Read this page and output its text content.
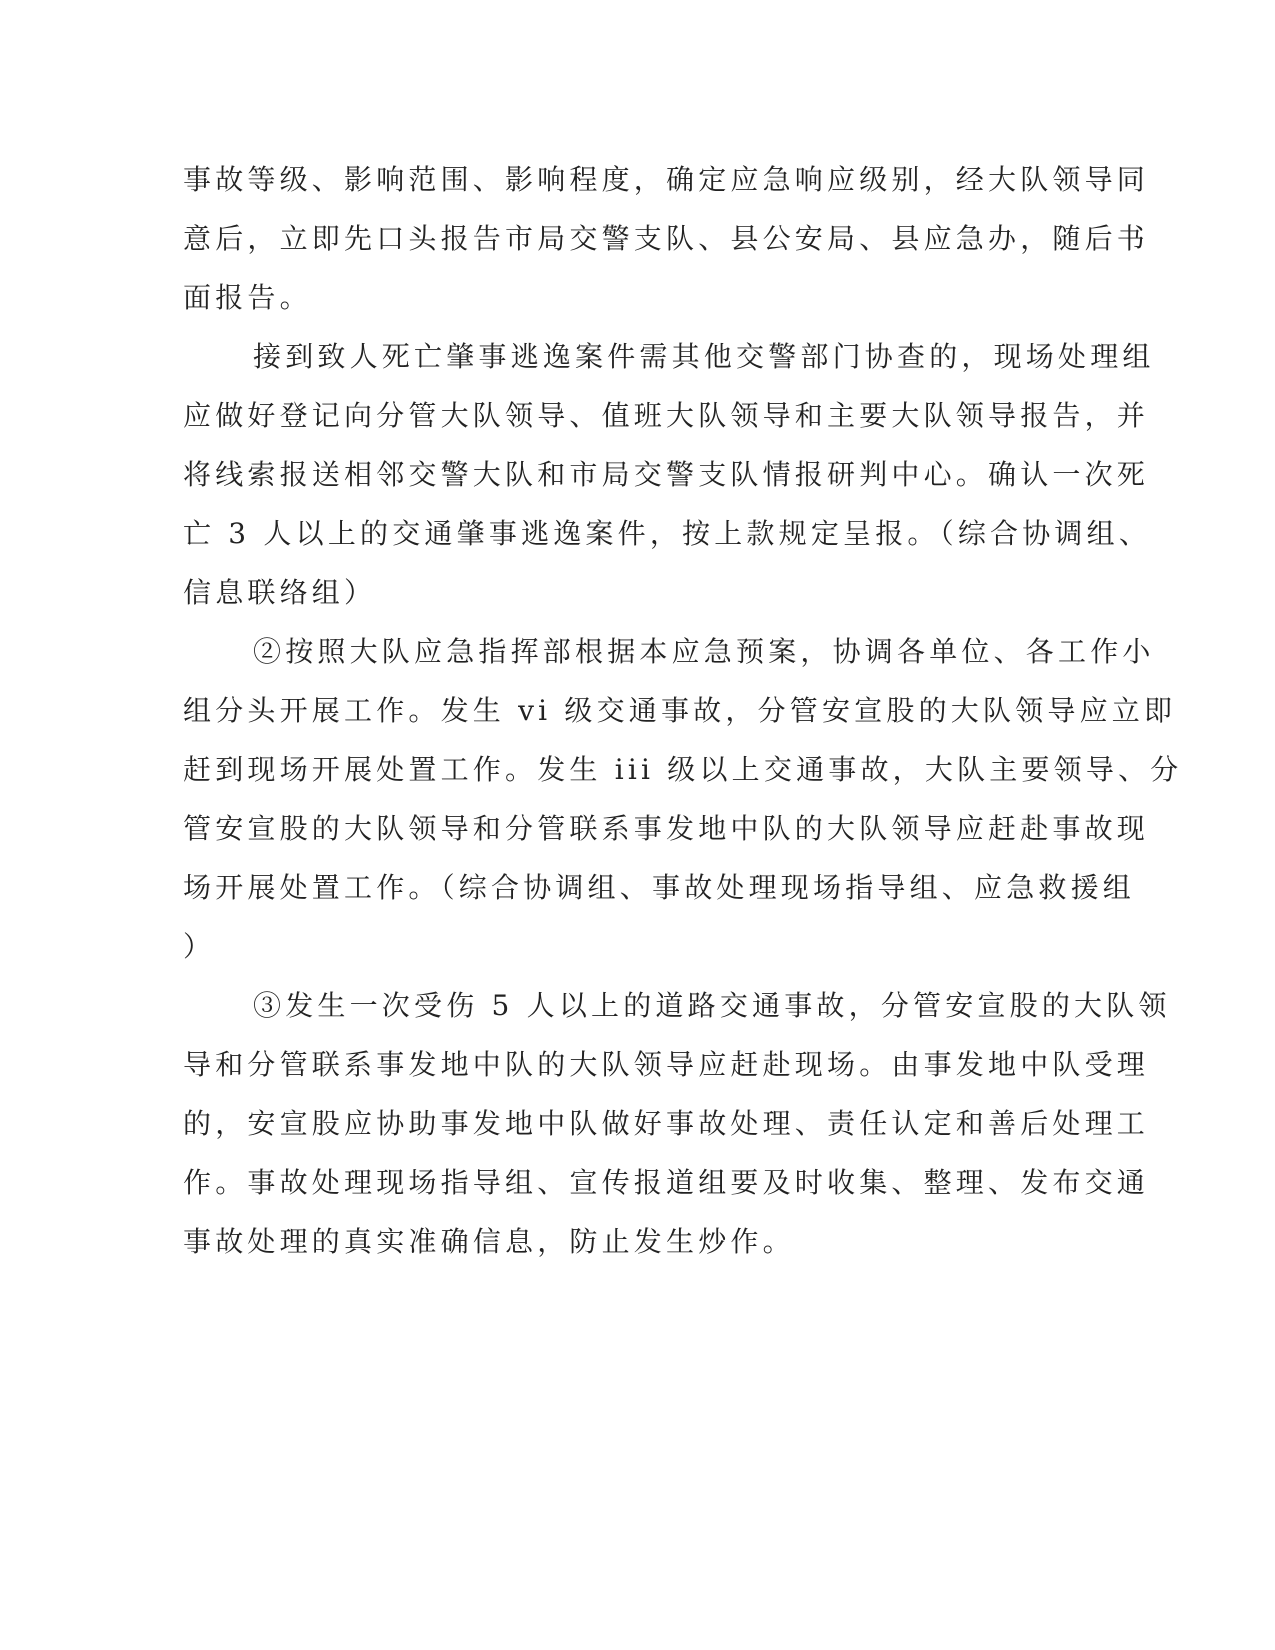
事故等级、影响范围、影响程度，确定应急响应级别，经大队领导同
意后，立即先口头报告市局交警支队、县公安局、县应急办，随后书
面报告。
接到致人死亡肇事逃逸案件需其他交警部门协查的，现场处理组
应做好登记向分管大队领导、值班大队领导和主要大队领导报告，并
将线索报送相邻交警大队和市局交警支队情报研判中心。确认一次死
亡 3 人以上的交通肇事逃逸案件，按上款规定呈报。（综合协调组、
信息联络组）
②按照大队应急指挥部根据本应急预案，协调各单位、各工作小
组分头开展工作。发生 vi 级交通事故，分管安宣股的大队领导应立即
赶到现场开展处置工作。发生 iii 级以上交通事故，大队主要领导、分
管安宣股的大队领导和分管联系事发地中队的大队领导应赶赴事故现
场开展处置工作。（综合协调组、事故处理现场指导组、应急救援组
）
③发生一次受伤 5 人以上的道路交通事故，分管安宣股的大队领
导和分管联系事发地中队的大队领导应赶赴现场。由事发地中队受理
的，安宣股应协助事发地中队做好事故处理、责任认定和善后处理工
作。事故处理现场指导组、宣传报道组要及时收集、整理、发布交通
事故处理的真实准确信息，防止发生炒作。
